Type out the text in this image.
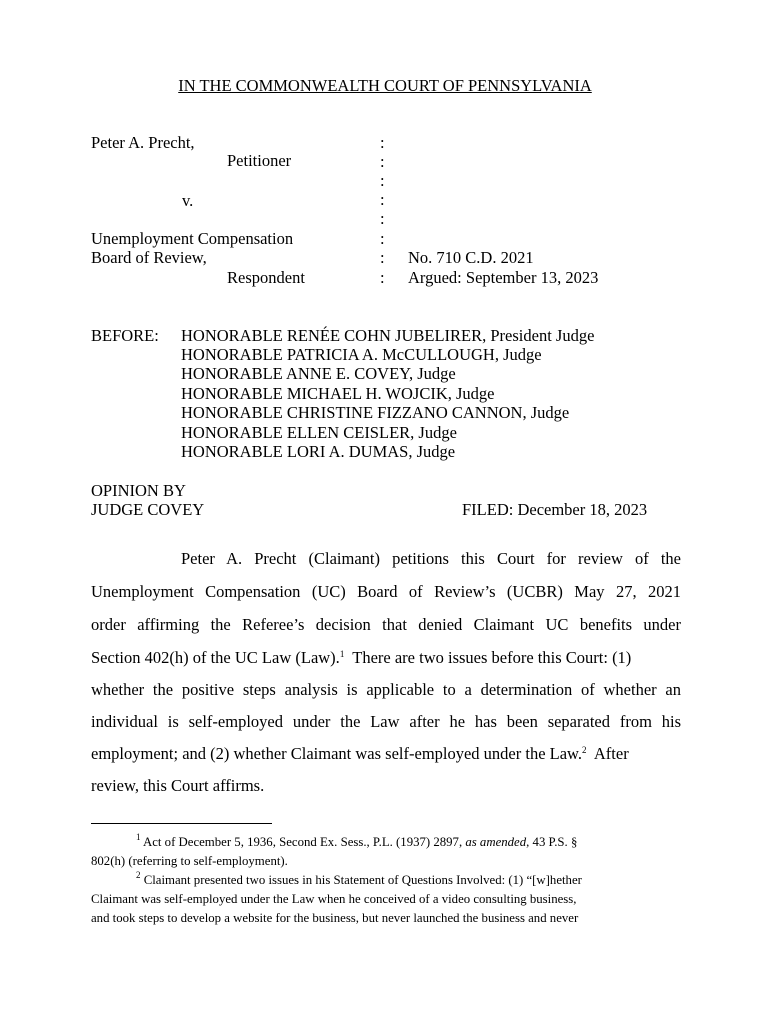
IN THE COMMONWEALTH COURT OF PENNSYLVANIA
Peter A. Precht,
Petitioner
v.
Unemployment Compensation
Board of Review,
Respondent
:
:
:
:
:
:
:
:
No. 710 C.D. 2021
Argued: September 13, 2023
BEFORE: HONORABLE RENÉE COHN JUBELIRER, President Judge
HONORABLE PATRICIA A. McCULLOUGH, Judge
HONORABLE ANNE E. COVEY, Judge
HONORABLE MICHAEL H. WOJCIK, Judge
HONORABLE CHRISTINE FIZZANO CANNON, Judge
HONORABLE ELLEN CEISLER, Judge
HONORABLE LORI A. DUMAS, Judge
OPINION BY
JUDGE COVEY	FILED: December 18, 2023
Peter A. Precht (Claimant) petitions this Court for review of the
Unemployment Compensation (UC) Board of Review’s (UCBR) May 27, 2021
order affirming the Referee’s decision that denied Claimant UC benefits under
Section 402(h) of the UC Law (Law).$^1$  There are two issues before this Court: (1)
whether the positive steps analysis is applicable to a determination of whether an
individual is self-employed under the Law after he has been separated from his
employment; and (2) whether Claimant was self-employed under the Law.$^2$  After
review, this Court affirms.
$^1$ Act of December 5, 1936, Second Ex. Sess., P.L. (1937) 2897, as amended, 43 P.S. §
802(h) (referring to self-employment).
$^2$ Claimant presented two issues in his Statement of Questions Involved: (1) “[w]hether
Claimant was self-employed under the Law when he conceived of a video consulting business,
and took steps to develop a website for the business, but never launched the business and never
